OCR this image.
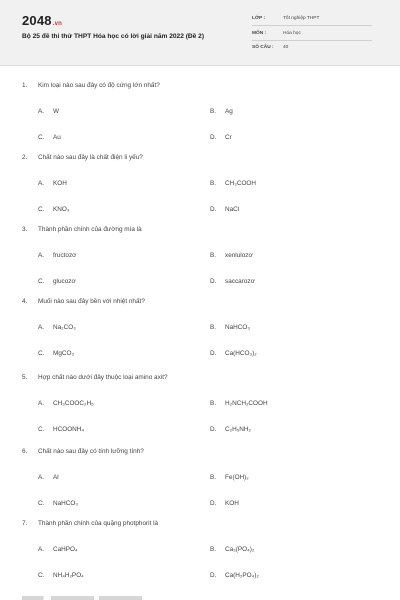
2048.vn
Bộ 25 đề thi thử THPT Hóa học có lời giải năm 2022 (Đề 2)
LỚP :	Tốt nghiệp THPT
MÔN :	Hóa học
SỐ CÂU : 40
1. Kim loại nào sau đây có độ cứng lớn nhất?
A. W	B. Ag
C. Au	D. Cr
2. Chất nào sau đây là chất điện li yếu?
A. KOH	B. CH₃COOH
C. KNO₃	D. NaCl
3. Thành phần chính của đường mía là
A. fructozơ	B. xenlulozơ
C. glucozơ	D. saccarozơ
4. Muối nào sau đây bền với nhiệt nhất?
A. Na₂CO₃	B. NaHCO₃
C. MgCO₃	D. Ca(HCO₃)₂
5. Hợp chất nào dưới đây thuộc loại amino axit?
A. CH₃COOC₂H₅	B. H₂NCH₂COOH
C. HCOONH₄	D. C₂H₅NH₂
6. Chất nào sau đây có tính lưỡng tính?
A. Al	B. Fe(OH)₂
C. NaHCO₃	D. KOH
7. Thành phần chính của quặng photphorit là
A. CaHPO₄	B. Ca₃(PO₄)₂
C. NH₄H₂PO₄	D. Ca(H₂PO₄)₂
